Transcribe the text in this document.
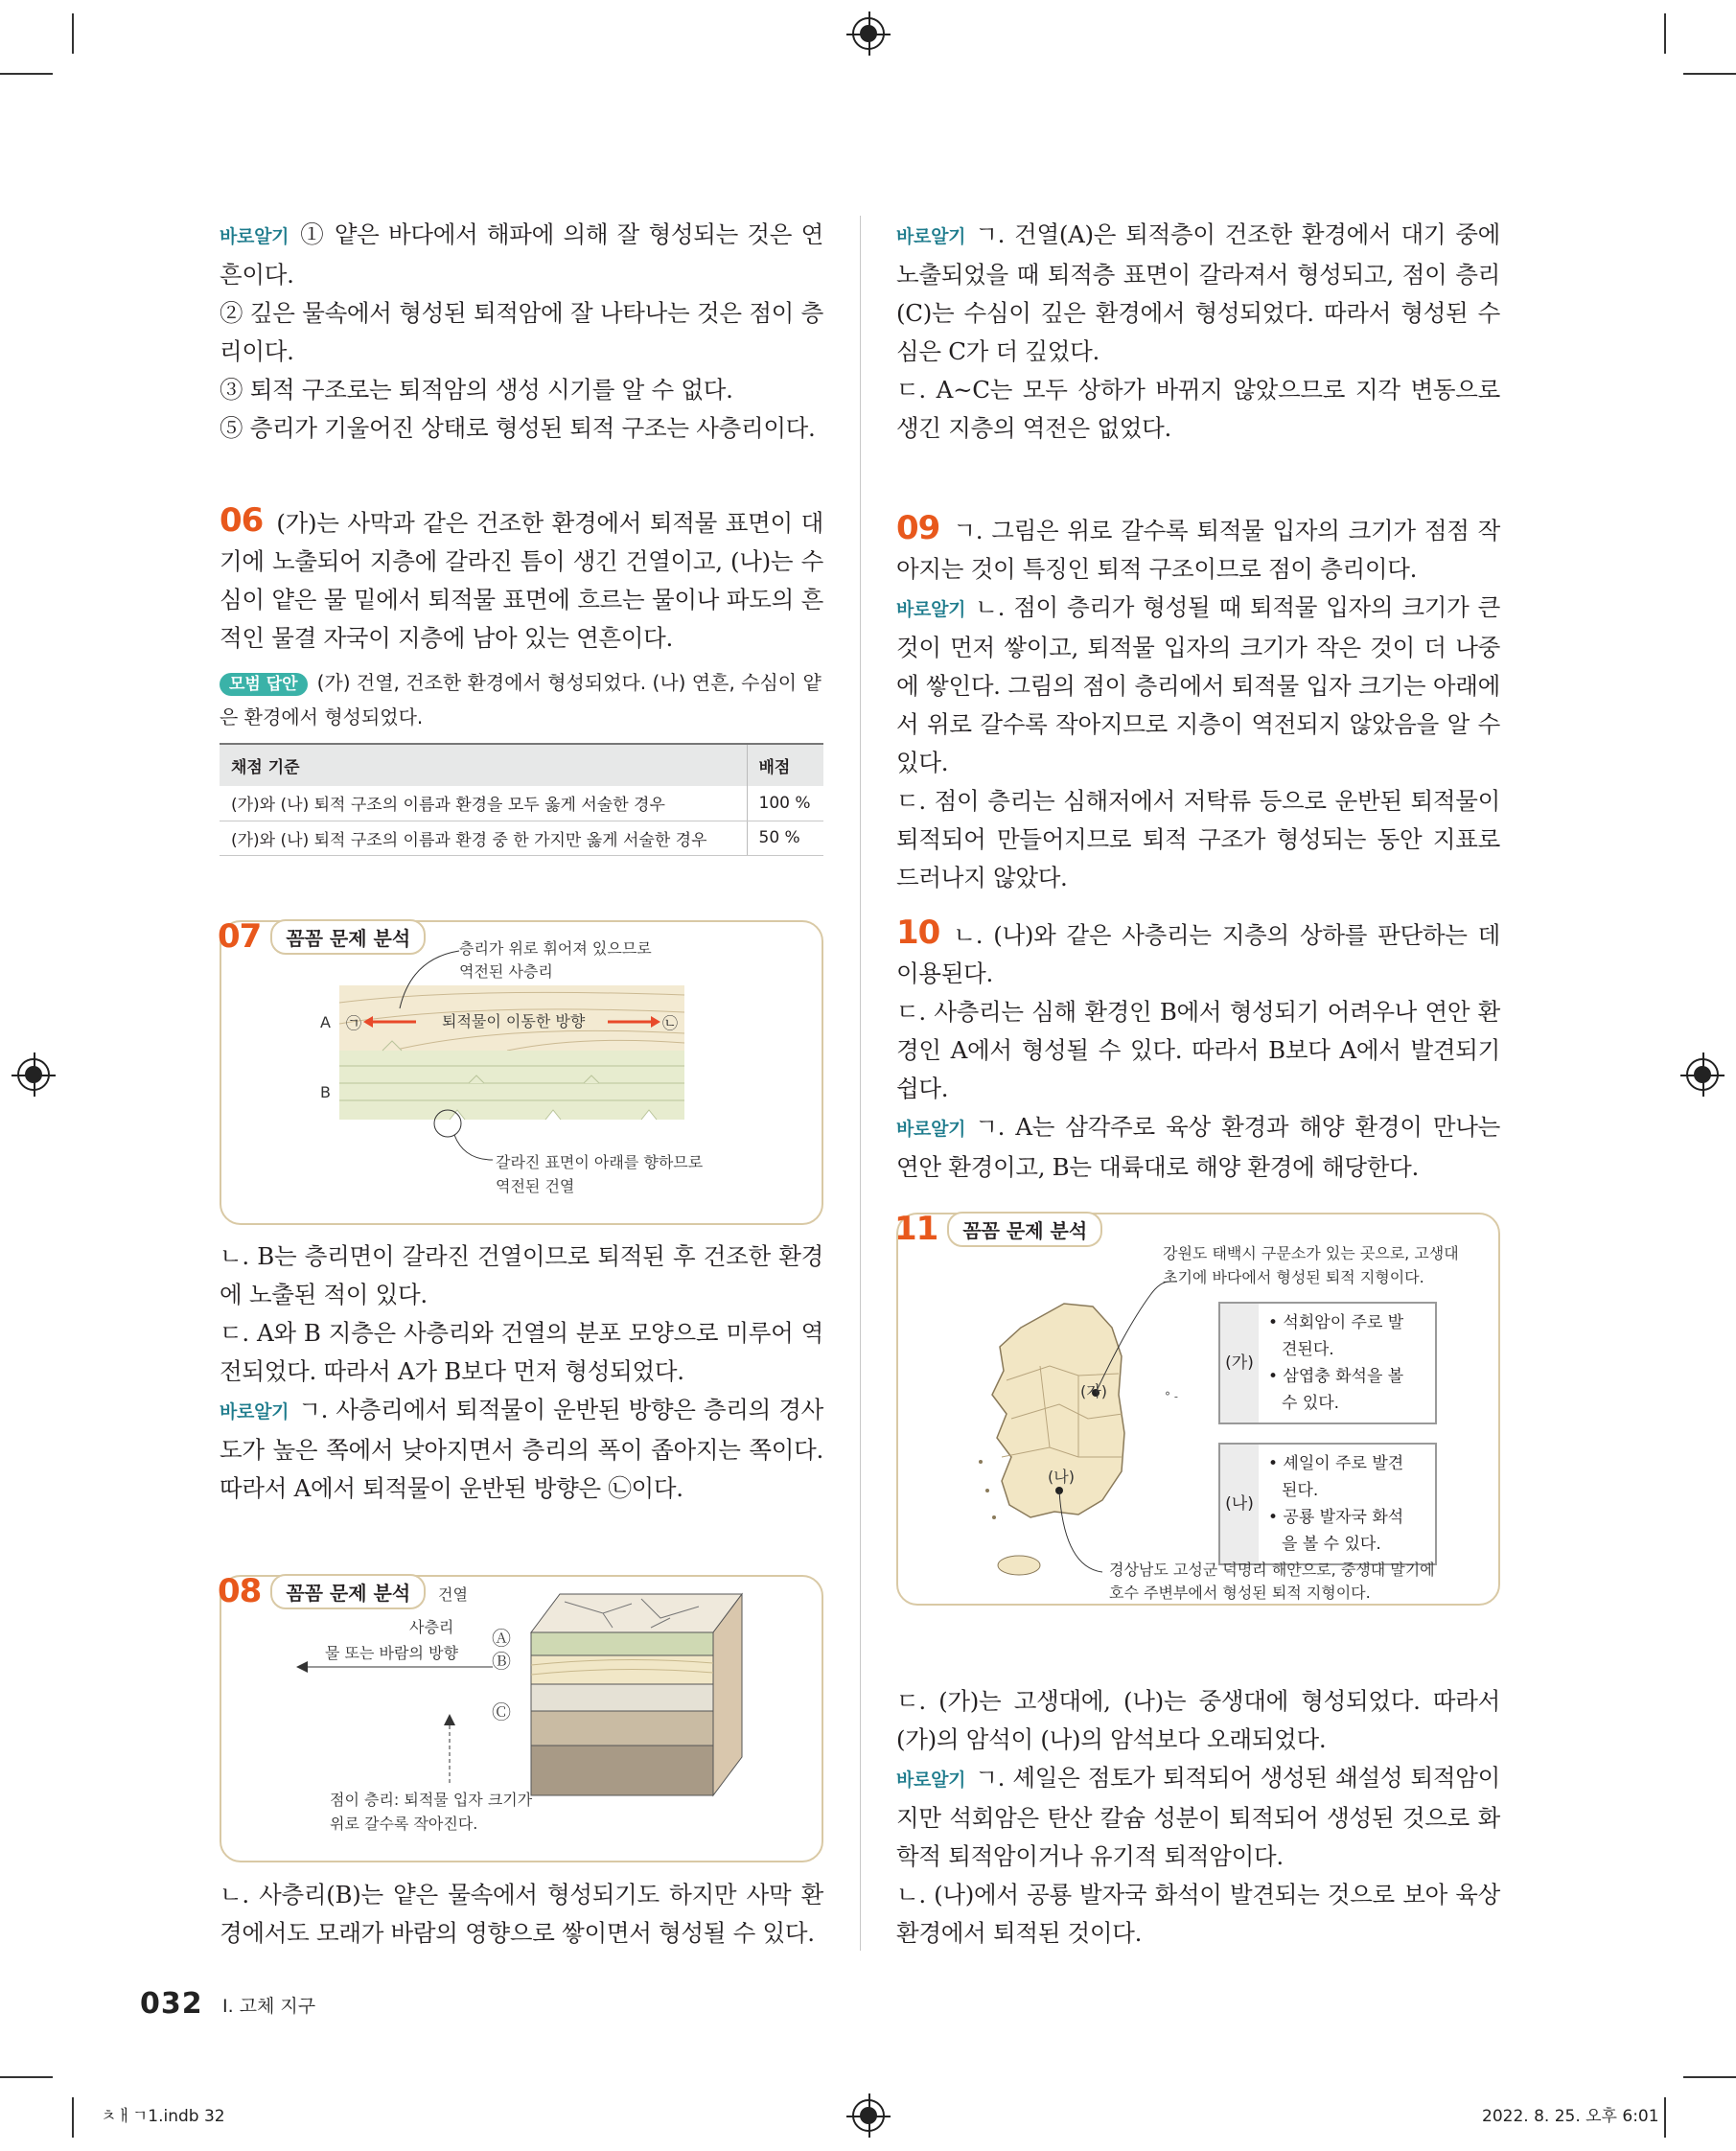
바로알기 ① 얕은 바다에서 해파에 의해 잘 형성되는 것은 연흔이다.

② 깊은 물속에서 형성된 퇴적암에 잘 나타나는 것은 점이 층리이다.

③ 퇴적 구조로는 퇴적암의 생성 시기를 알 수 없다.

⑤ 층리가 기울어진 상태로 형성된 퇴적 구조는 사층리이다.

06 (가)는 사막과 같은 건조한 환경에서 퇴적물 표면이 대기에 노출되어 지층에 갈라진 틈이 생긴 건열이고, (나)는 수심이 얕은 물 밑에서 퇴적물 표면에 흐르는 물이나 파도의 흔적인 물결 자국이 지층에 남아 있는 연흔이다.

모범 답안 (가) 건열, 건조한 환경에서 형성되었다. (나) 연흔, 수심이 얕은 환경에서 형성되었다.

채점 기준	배점
(가)와 (나) 퇴적 구조의 이름과 환경을 모두 옳게 서술한 경우	100 %
(가)와 (나) 퇴적 구조의 이름과 환경 중 한 가지만 옳게 서술한 경우	50 %
07	꼼꼼 문제 분석	층리가 위로 휘어져 있으므로
역전된 사층리
퇴적물이 이동한 방향
A
B
㉠	㉡
갈라진 표면이 아래를 향하므로
역전된 건열

ㄴ. B는 층리면이 갈라진 건열이므로 퇴적된 후 건조한 환경에 노출된 적이 있다.

ㄷ. A와 B 지층은 사층리와 건열의 분포 모양으로 미루어 역전되었다. 따라서 A가 B보다 먼저 형성되었다.

바로알기 ㄱ. 사층리에서 퇴적물이 운반된 방향은 층리의 경사도가 높은 쪽에서 낮아지면서 층리의 폭이 좁아지는 쪽이다. 따라서 A에서 퇴적물이 운반된 방향은 ㉡이다.

08	꼼꼼 문제 분석	건열
사층리
물 또는 바람의 방향
Ⓐ
Ⓑ
Ⓒ
점이 층리: 퇴적물 입자 크기가
위로 갈수록 작아진다.

ㄴ. 사층리(B)는 얕은 물속에서 형성되기도 하지만 사막 환경에서도 모래가 바람의 영향으로 쌓이면서 형성될 수 있다.

바로알기 ㄱ. 건열(A)은 퇴적층이 건조한 환경에서 대기 중에 노출되었을 때 퇴적층 표면이 갈라져서 형성되고, 점이 층리(C)는 수심이 깊은 환경에서 형성되었다. 따라서 형성된 수심은 C가 더 깊었다.

ㄷ. A~C는 모두 상하가 바뀌지 않았으므로 지각 변동으로 생긴 지층의 역전은 없었다.

09 ㄱ. 그림은 위로 갈수록 퇴적물 입자의 크기가 점점 작아지는 것이 특징인 퇴적 구조이므로 점이 층리이다.

바로알기 ㄴ. 점이 층리가 형성될 때 퇴적물 입자의 크기가 큰 것이 먼저 쌓이고, 퇴적물 입자의 크기가 작은 것이 더 나중에 쌓인다. 그림의 점이 층리에서 퇴적물 입자 크기는 아래에서 위로 갈수록 작아지므로 지층이 역전되지 않았음을 알 수 있다.

ㄷ. 점이 층리는 심해저에서 저탁류 등으로 운반된 퇴적물이 퇴적되어 만들어지므로 퇴적 구조가 형성되는 동안 지표로 드러나지 않았다.

10 ㄴ. (나)와 같은 사층리는 지층의 상하를 판단하는 데 이용된다.

ㄷ. 사층리는 심해 환경인 B에서 형성되기 어려우나 연안 환경인 A에서 형성될 수 있다. 따라서 B보다 A에서 발견되기 쉽다.

바로알기 ㄱ. A는 삼각주로 육상 환경과 해양 환경이 만나는 연안 환경이고, B는 대륙대로 해양 환경에 해당한다.

11	꼼꼼 문제 분석
° -
(가)
(나)
강원도 태백시 구문소가 있는 곳으로, 고생대
초기에 바다에서 형성된 퇴적 지형이다.
(가)
• 석회암이 주로 발
견된다.
• 삼엽충 화석을 볼
수 있다.
(나)
• 셰일이 주로 발견
된다.
• 공룡 발자국 화석
을 볼 수 있다.
경상남도 고성군 덕명리 해안으로, 중생대 말기에
호수 주변부에서 형성된 퇴적 지형이다.

ㄷ. (가)는 고생대에, (나)는 중생대에 형성되었다. 따라서 (가)의 암석이 (나)의 암석보다 오래되었다.

바로알기 ㄱ. 셰일은 점토가 퇴적되어 생성된 쇄설성 퇴적암이지만 석회암은 탄산 칼슘 성분이 퇴적되어 생성된 것으로 화학적 퇴적암이거나 유기적 퇴적암이다.

ㄴ. (나)에서 공룡 발자국 화석이 발견되는 것으로 보아 육상 환경에서 퇴적된 것이다.

032 Ⅰ. 고체 지구
ㅊㅐㄱ1.indb 32	2022. 8. 25. 오후 6:01
